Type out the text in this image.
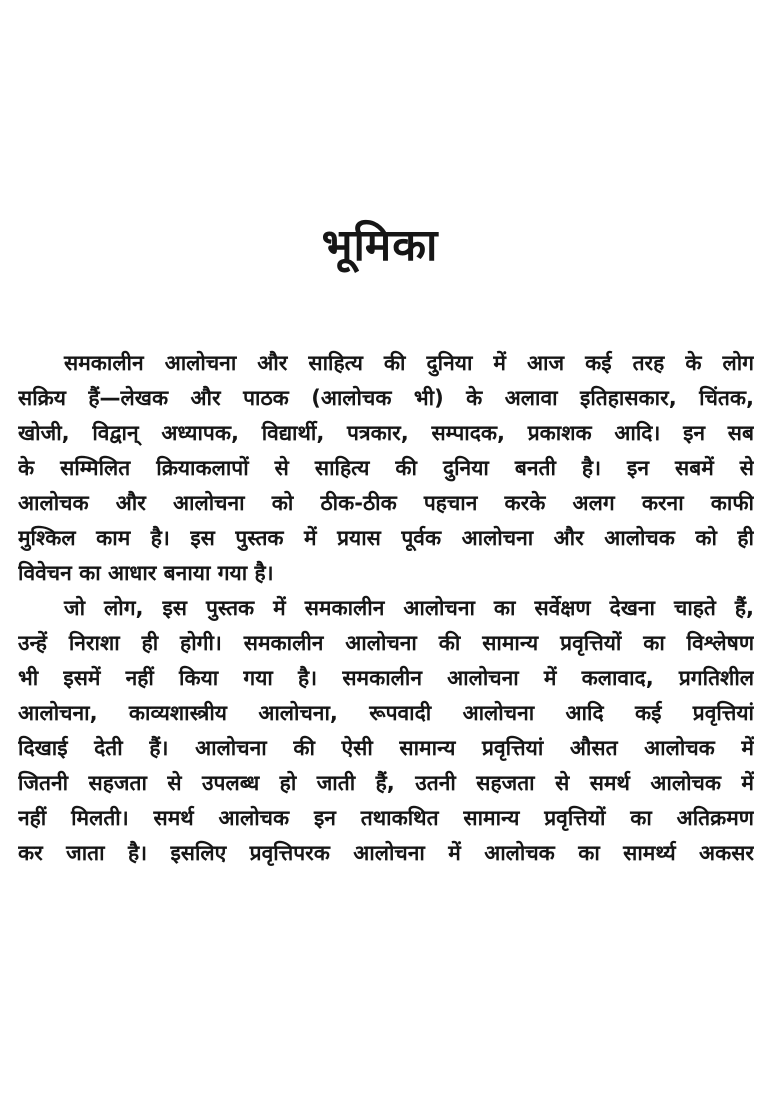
भूमिका
समकालीन आलोचना और साहित्य की दुनिया में आज कई तरह के लोग
सक्रिय हैं—लेखक और पाठक (आलोचक भी) के अलावा इतिहासकार, चिंतक,
खोजी, विद्वान् अध्यापक, विद्यार्थी, पत्रकार, सम्पादक, प्रकाशक आदि। इन सब
के सम्मिलित क्रियाकलापों से साहित्य की दुनिया बनती है। इन सबमें से
आलोचक और आलोचना को ठीक-ठीक पहचान करके अलग करना काफी
मुश्किल काम है। इस पुस्तक में प्रयास पूर्वक आलोचना और आलोचक को ही
विवेचन का आधार बनाया गया है।
जो लोग, इस पुस्तक में समकालीन आलोचना का सर्वेक्षण देखना चाहते हैं,
उन्हें निराशा ही होगी। समकालीन आलोचना की सामान्य प्रवृत्तियों का विश्लेषण
भी इसमें नहीं किया गया है। समकालीन आलोचना में कलावाद, प्रगतिशील
आलोचना, काव्यशास्त्रीय आलोचना, रूपवादी आलोचना आदि कई प्रवृत्तियां
दिखाई देती हैं। आलोचना की ऐसी सामान्य प्रवृत्तियां औसत आलोचक में
जितनी सहजता से उपलब्ध हो जाती हैं, उतनी सहजता से समर्थ आलोचक में
नहीं मिलती। समर्थ आलोचक इन तथाकथित सामान्य प्रवृत्तियों का अतिक्रमण
कर जाता है। इसलिए प्रवृत्तिपरक आलोचना में आलोचक का सामर्थ्य अकसर
